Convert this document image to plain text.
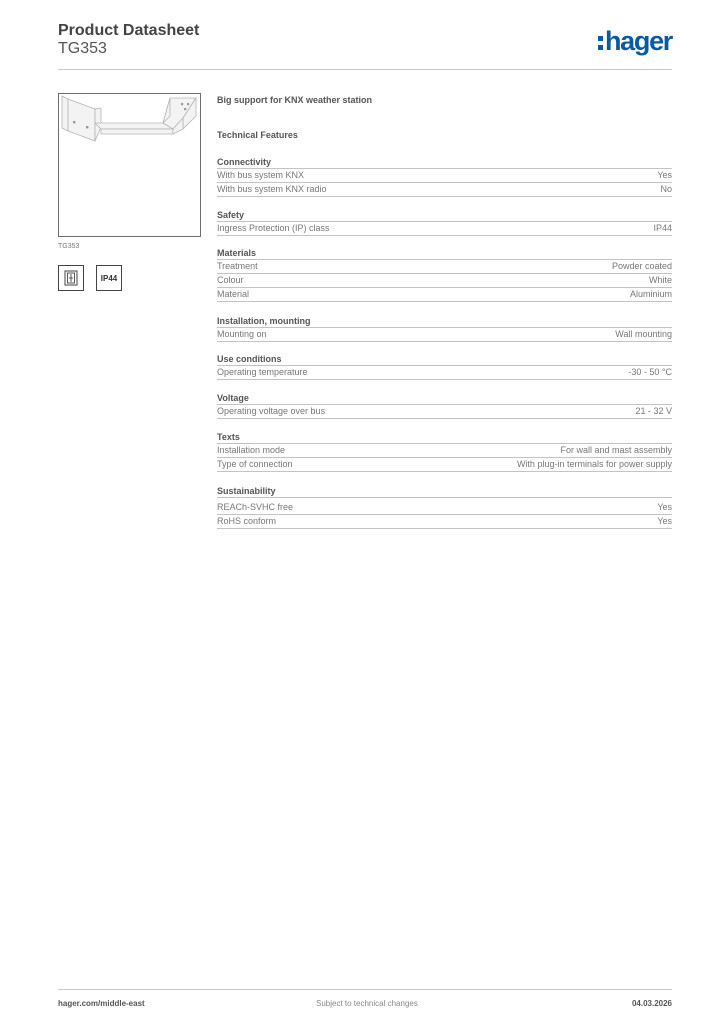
Product Datasheet
TG353	hager
TG353
IP44
Big support for KNX weather station
Technical Features
Connectivity
With bus system KNX	Yes
With bus system KNX radio	No
Safety
Ingress Protection (IP) class	IP44
Materials
Treatment	Powder coated
Colour	White
Material	Aluminium
Installation, mounting
Mounting on	Wall mounting
Use conditions
Operating temperature	-30 - 50 °C
Voltage
Operating voltage over bus	21 - 32 V
Texts
Installation mode	For wall and mast assembly
Type of connection	With plug-in terminals for power supply
Sustainability
REACh-SVHC free	Yes
RoHS conform	Yes
hager.com/middle-east	Subject to technical changes	04.03.2026
